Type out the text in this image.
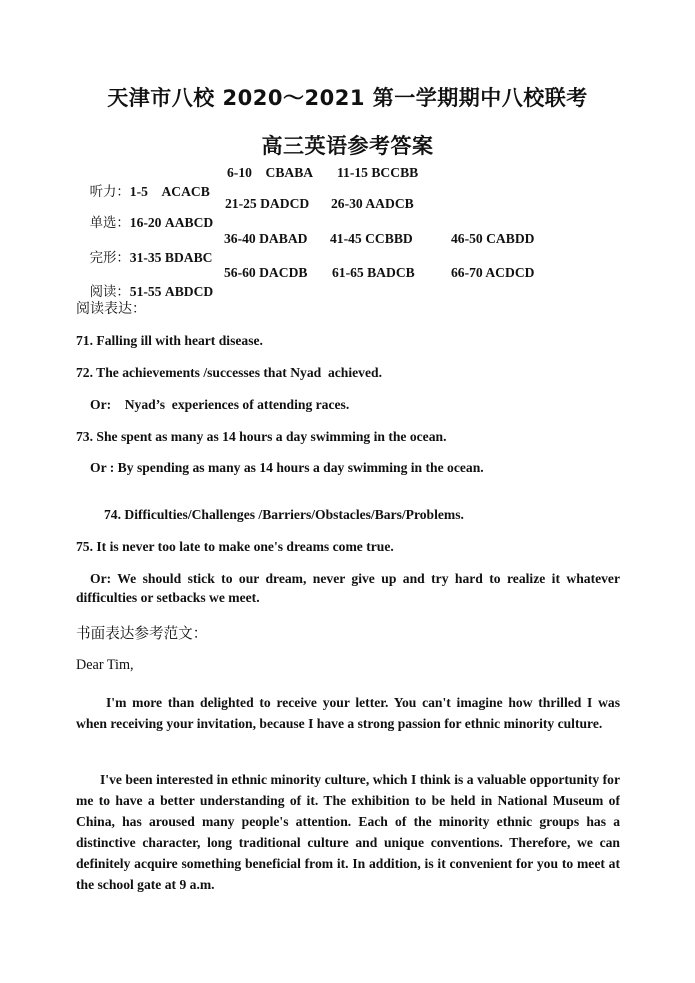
天津市八校 2020～2021 第一学期期中八校联考
高三英语参考答案

听力：1-5    ACACB

6-10    CBABA 11-15 BCCBB

单选：16-20 AABCD

21-25 DADCD 26-30 AADCB

完形：31-35 BDABC

36-40 DABAD 41-45 CCBBD	46-50 CABDD

阅读：51-55 ABDCD

56-60 DACDB 61-65 BADCB	66-70 ACDCD
阅读表达：
71. Falling ill with heart disease.
72. The achievements /successes that Nyad  achieved.
Or:    Nyad’s  experiences of attending races.
73. She spent as many as 14 hours a day swimming in the ocean.
Or : By spending as many as 14 hours a day swimming in the ocean.
74. Difficulties/Challenges /Barriers/Obstacles/Bars/Problems.
75. It is never too late to make one's dreams come true.
Or: We should stick to our dream, never give up and try hard to realize it whatever difficulties or setbacks we meet.
书面表达参考范文：
Dear Tim,
I'm more than delighted to receive your letter. You can't imagine how thrilled I was when receiving your invitation, because I have a strong passion for ethnic minority culture.
I've been interested in ethnic minority culture, which I think is a valuable opportunity for me to have a better understanding of it. The exhibition to be held in National Museum of China, has aroused many people's attention. Each of the minority ethnic groups has a distinctive character, long traditional culture and unique conventions. Therefore, we can definitely acquire something beneficial from it. In addition, is it convenient for you to meet at the school gate at 9 a.m.
